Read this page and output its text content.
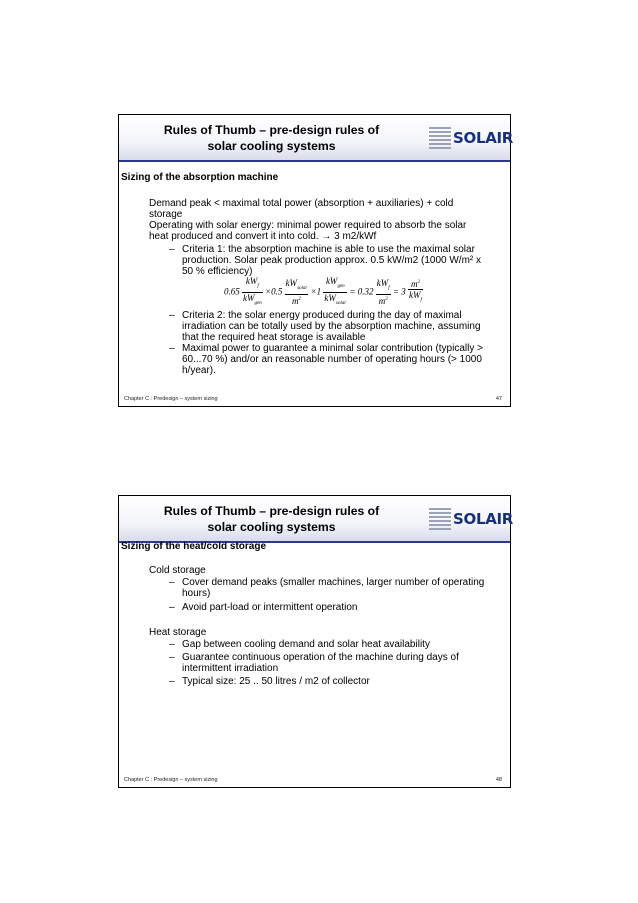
Rules of Thumb – pre-design rules of
solar cooling systems	SOLAIR
Sizing of the absorption machine
Demand peak < maximal total power (absorption + auxiliaries) + cold storage
Operating with solar energy: minimal power required to absorb the solar heat produced and convert it into cold. → 3 m2/kWf
– Criteria 1: the absorption machine is able to use the maximal solar production. Solar peak production approx. 0.5 kW/m2 (1000 W/m² x 50 % efficiency)
$0.65 \frac{kW_f}{kW_{gen}} \times 0.5 \frac{kW_{solar}}{m^2} \times 1 \frac{kW_{gen}}{kW_{solar}} = 0.32 \frac{kW_f}{m^2} = 3 \frac{m^2}{kW_f}$
– Criteria 2: the solar energy produced during the day of maximal irradiation can be totally used by the absorption machine, assuming that the required heat storage is available
– Maximal power to guarantee a minimal solar contribution (typically > 60...70 %) and/or an reasonable number of operating hours (> 1000 h/year).
Chapter C : Predesign – system sizing	47
Rules of Thumb – pre-design rules of
solar cooling systems	SOLAIR
Sizing of the heat/cold storage
Cold storage
– Cover demand peaks (smaller machines, larger number of operating hours)
– Avoid part-load or intermittent operation
Heat storage
– Gap between cooling demand and solar heat availability
– Guarantee continuous operation of the machine during days of intermittent irradiation
– Typical size: 25 .. 50 litres / m2 of collector
Chapter C : Predesign – system sizing	48
